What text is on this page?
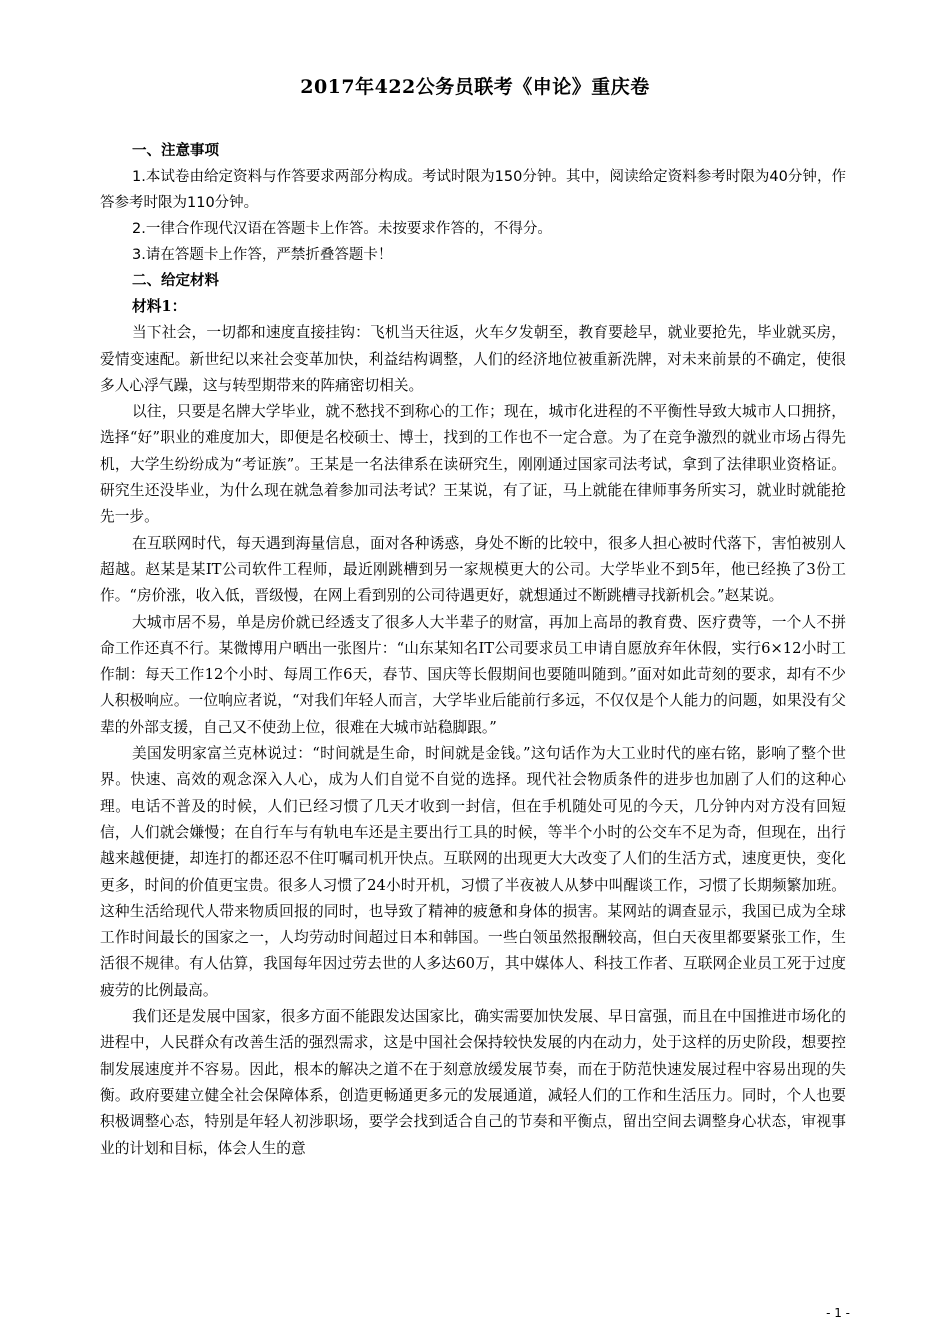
2017年422公务员联考《申论》重庆卷

一、注意事项

1.本试卷由给定资料与作答要求两部分构成。考试时限为150分钟。其中，阅读给定资料参考时限为40分钟，作答参考时限为110分钟。

2.一律合作现代汉语在答题卡上作答。未按要求作答的，不得分。

3.请在答题卡上作答，严禁折叠答题卡！

二、给定材料

材料1：

当下社会，一切都和速度直接挂钩：飞机当天往返，火车夕发朝至，教育要趁早，就业要抢先，毕业就买房，爱情变速配。新世纪以来社会变革加快，利益结构调整，人们的经济地位被重新洗牌，对未来前景的不确定，使很多人心浮气躁，这与转型期带来的阵痛密切相关。

以往，只要是名牌大学毕业，就不愁找不到称心的工作；现在，城市化进程的不平衡性导致大城市人口拥挤，选择“好”职业的难度加大，即便是名校硕士、博士，找到的工作也不一定合意。为了在竞争激烈的就业市场占得先机，大学生纷纷成为“考证族”。王某是一名法律系在读研究生，刚刚通过国家司法考试，拿到了法律职业资格证。研究生还没毕业，为什么现在就急着参加司法考试？王某说，有了证，马上就能在律师事务所实习，就业时就能抢先一步。

在互联网时代，每天遇到海量信息，面对各种诱惑，身处不断的比较中，很多人担心被时代落下，害怕被别人超越。赵某是某IT公司软件工程师，最近刚跳槽到另一家规模更大的公司。大学毕业不到5年，他已经换了3份工作。“房价涨，收入低，晋级慢，在网上看到别的公司待遇更好，就想通过不断跳槽寻找新机会。”赵某说。

大城市居不易，单是房价就已经透支了很多人大半辈子的财富，再加上高昂的教育费、医疗费等，一个人不拼命工作还真不行。某微博用户晒出一张图片：“山东某知名IT公司要求员工申请自愿放弃年休假，实行6×12小时工作制：每天工作12个小时、每周工作6天，春节、国庆等长假期间也要随叫随到。”面对如此苛刻的要求，却有不少人积极响应。一位响应者说，“对我们年轻人而言，大学毕业后能前行多远，不仅仅是个人能力的问题，如果没有父辈的外部支援，自己又不使劲上位，很难在大城市站稳脚跟。”

美国发明家富兰克林说过：“时间就是生命，时间就是金钱。”这句话作为大工业时代的座右铭，影响了整个世界。快速、高效的观念深入人心，成为人们自觉不自觉的选择。现代社会物质条件的进步也加剧了人们的这种心理。电话不普及的时候，人们已经习惯了几天才收到一封信，但在手机随处可见的今天，几分钟内对方没有回短信，人们就会嫌慢；在自行车与有轨电车还是主要出行工具的时候，等半个小时的公交车不足为奇，但现在，出行越来越便捷，却连打的都还忍不住叮嘱司机开快点。互联网的出现更大大改变了人们的生活方式，速度更快，变化更多，时间的价值更宝贵。很多人习惯了24小时开机，习惯了半夜被人从梦中叫醒谈工作，习惯了长期频繁加班。这种生活给现代人带来物质回报的同时，也导致了精神的疲惫和身体的损害。某网站的调查显示，我国已成为全球工作时间最长的国家之一，人均劳动时间超过日本和韩国。一些白领虽然报酬较高，但白天夜里都要紧张工作，生活很不规律。有人估算，我国每年因过劳去世的人多达60万，其中媒体人、科技工作者、互联网企业员工死于过度疲劳的比例最高。

我们还是发展中国家，很多方面不能跟发达国家比，确实需要加快发展、早日富强，而且在中国推进市场化的进程中，人民群众有改善生活的强烈需求，这是中国社会保持较快发展的内在动力，处于这样的历史阶段，想要控制发展速度并不容易。因此，根本的解决之道不在于刻意放缓发展节奏，而在于防范快速发展过程中容易出现的失衡。政府要建立健全社会保障体系，创造更畅通更多元的发展通道，减轻人们的工作和生活压力。同时，个人也要积极调整心态，特别是年轻人初涉职场，要学会找到适合自己的节奏和平衡点，留出空间去调整身心状态，审视事业的计划和目标，体会人生的意

- 1 -
